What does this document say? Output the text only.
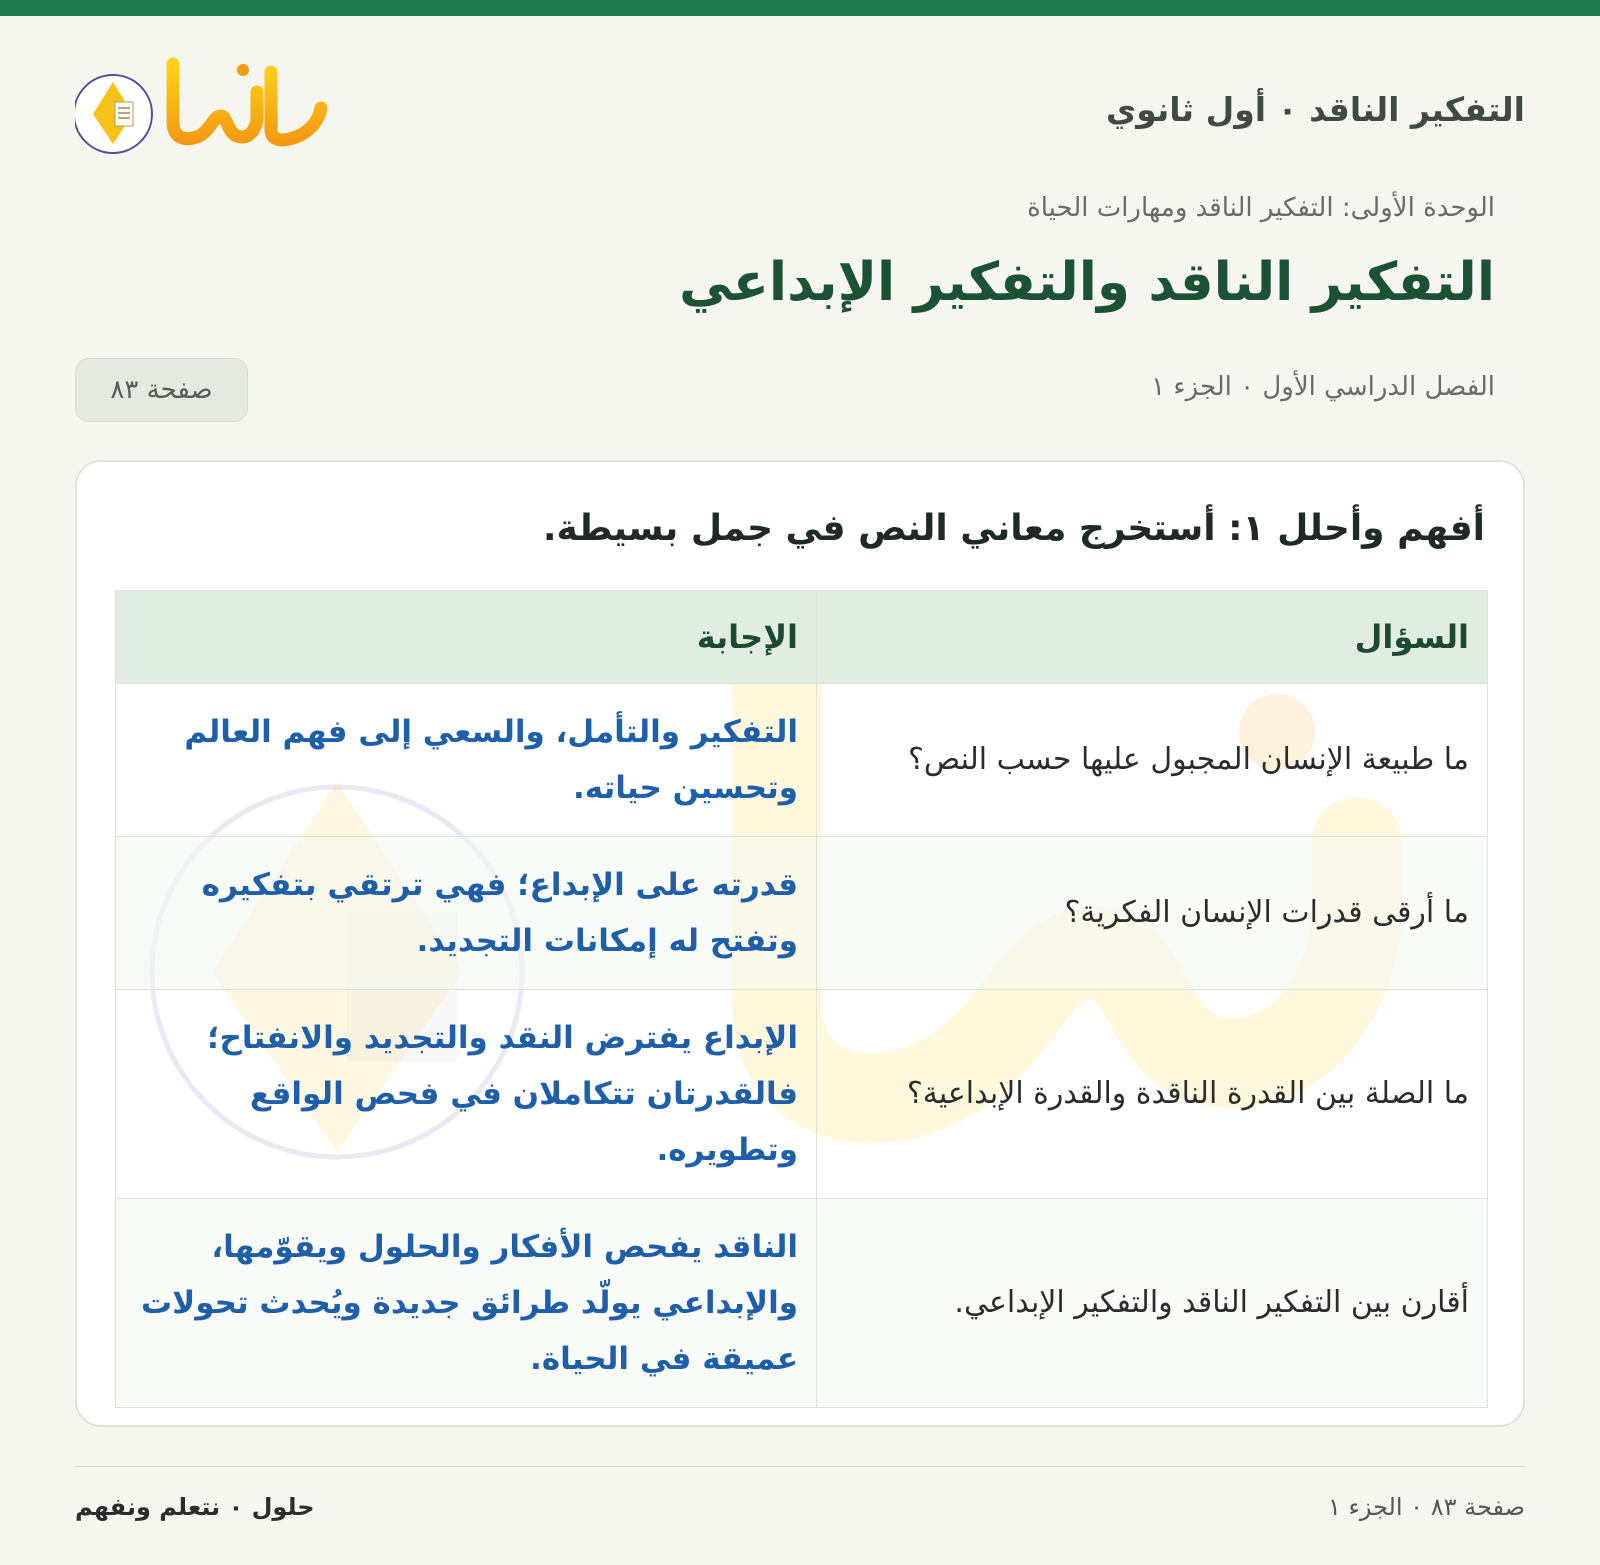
التفكير الناقد ٠ أول ثانوي
الوحدة الأولى: التفكير الناقد ومهارات الحياة
التفكير الناقد والتفكير الإبداعي
الفصل الدراسي الأول ٠ الجزء ١
صفحة ٨٣
أفهم وأحلل ١: أستخرج معاني النص في جمل بسيطة.
السؤال	الإجابة
ما طبيعة الإنسان المجبول عليها حسب النص؟	التفكير والتأمل، والسعي إلى فهم العالم وتحسين حياته.
ما أرقى قدرات الإنسان الفكرية؟	قدرته على الإبداع؛ فهي ترتقي بتفكيره وتفتح له إمكانات التجديد.
ما الصلة بين القدرة الناقدة والقدرة الإبداعية؟	الإبداع يفترض النقد والتجديد والانفتاح؛ فالقدرتان تتكاملان في فحص الواقع وتطويره.
أقارن بين التفكير الناقد والتفكير الإبداعي.	الناقد يفحص الأفكار والحلول ويقوّمها، والإبداعي يولّد طرائق جديدة ويُحدث تحولات عميقة في الحياة.
صفحة ٨٣ ٠ الجزء ١
حلول ٠ نتعلم ونفهم
